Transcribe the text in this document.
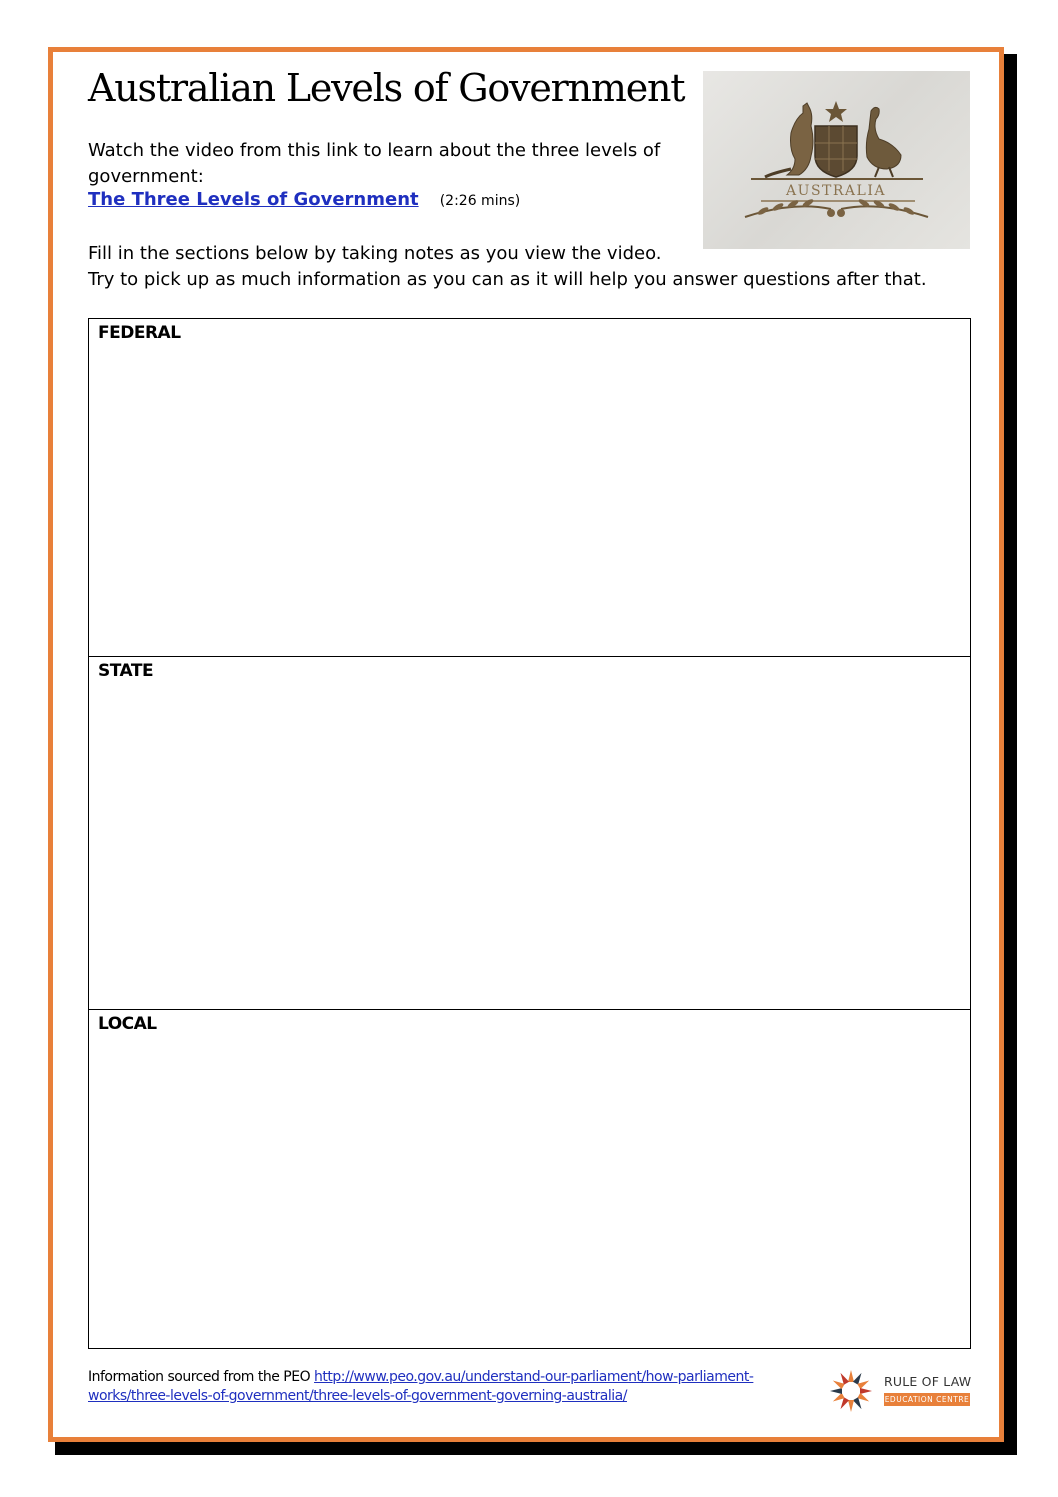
Australian Levels of Government

Watch the video from this link to learn about the three levels of government:

The Three Levels of Government (2:26 mins)

Fill in the sections below by taking notes as you view the video.

Try to pick up as much information as you can as it will help you answer questions after that.

AUSTRALIA
FEDERAL
STATE
LOCAL
Information sourced from the PEO http://www.peo.gov.au/understand-our-parliament/how-parliament-
works/three-levels-of-government/three-levels-of-government-governing-australia/
RULE OF LAW
EDUCATION CENTRE
